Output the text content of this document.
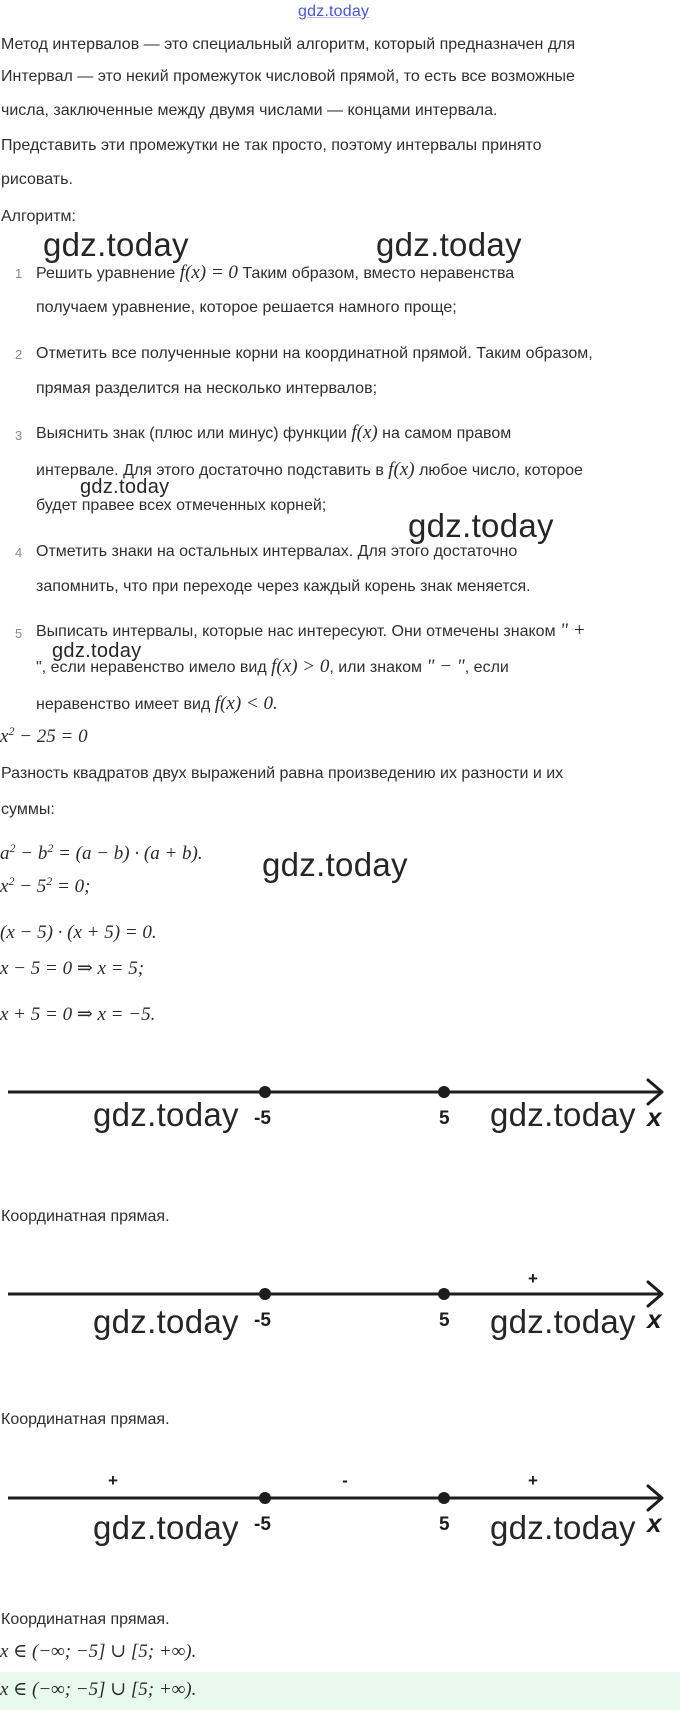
gdz.today
Метод интервалов — это специальный алгоритм, который предназначен для
Интервал — это некий промежуток числовой прямой, то есть все возможные
числа, заключенные между двумя числами — концами интервала.
Представить эти промежутки не так просто, поэтому интервалы принято
рисовать.
Алгоритм:
gdz.today	gdz.today
1 Решить уравнение f(x) = 0 Таким образом, вместо неравенства
получаем уравнение, которое решается намного проще;
2 Отметить все полученные корни на координатной прямой. Таким образом,
прямая разделится на несколько интервалов;
3 Выяснить знак (плюс или минус) функции f(x) на самом правом
интервале. Для этого достаточно подставить в f(x) любое число, которое
gdz.today
будет правее всех отмеченных корней;
gdz.today
4 Отметить знаки на остальных интервалах. Для этого достаточно
запомнить, что при переходе через каждый корень знак меняется.
5 Выписать интервалы, которые нас интересуют. Они отмечены знаком " +
gdz.today
", если неравенство имело вид f(x) > 0, или знаком " − ", если
неравенство имеет вид f(x) < 0.
$x^2 - 25 = 0$
Разность квадратов двух выражений равна произведению их разности и их
суммы:
$a^2 - b^2 = (a - b) \cdot (a + b)$. gdz.today
$x^2 - 5^2 = 0$;
(x − 5) · (x + 5) = 0.
x − 5 = 0 ⇒ x = 5;
x + 5 = 0 ⇒ x = −5.
-5	5	x
gdz.today	gdz.today
Координатная прямая.
-5	5	x
+
gdz.today	gdz.today
Координатная прямая.
-5	5	x
+	-	+
gdz.today	gdz.today
Координатная прямая.
x ∈ (−∞; −5] ∪ [5; +∞).
x ∈ (−∞; −5] ∪ [5; +∞).
